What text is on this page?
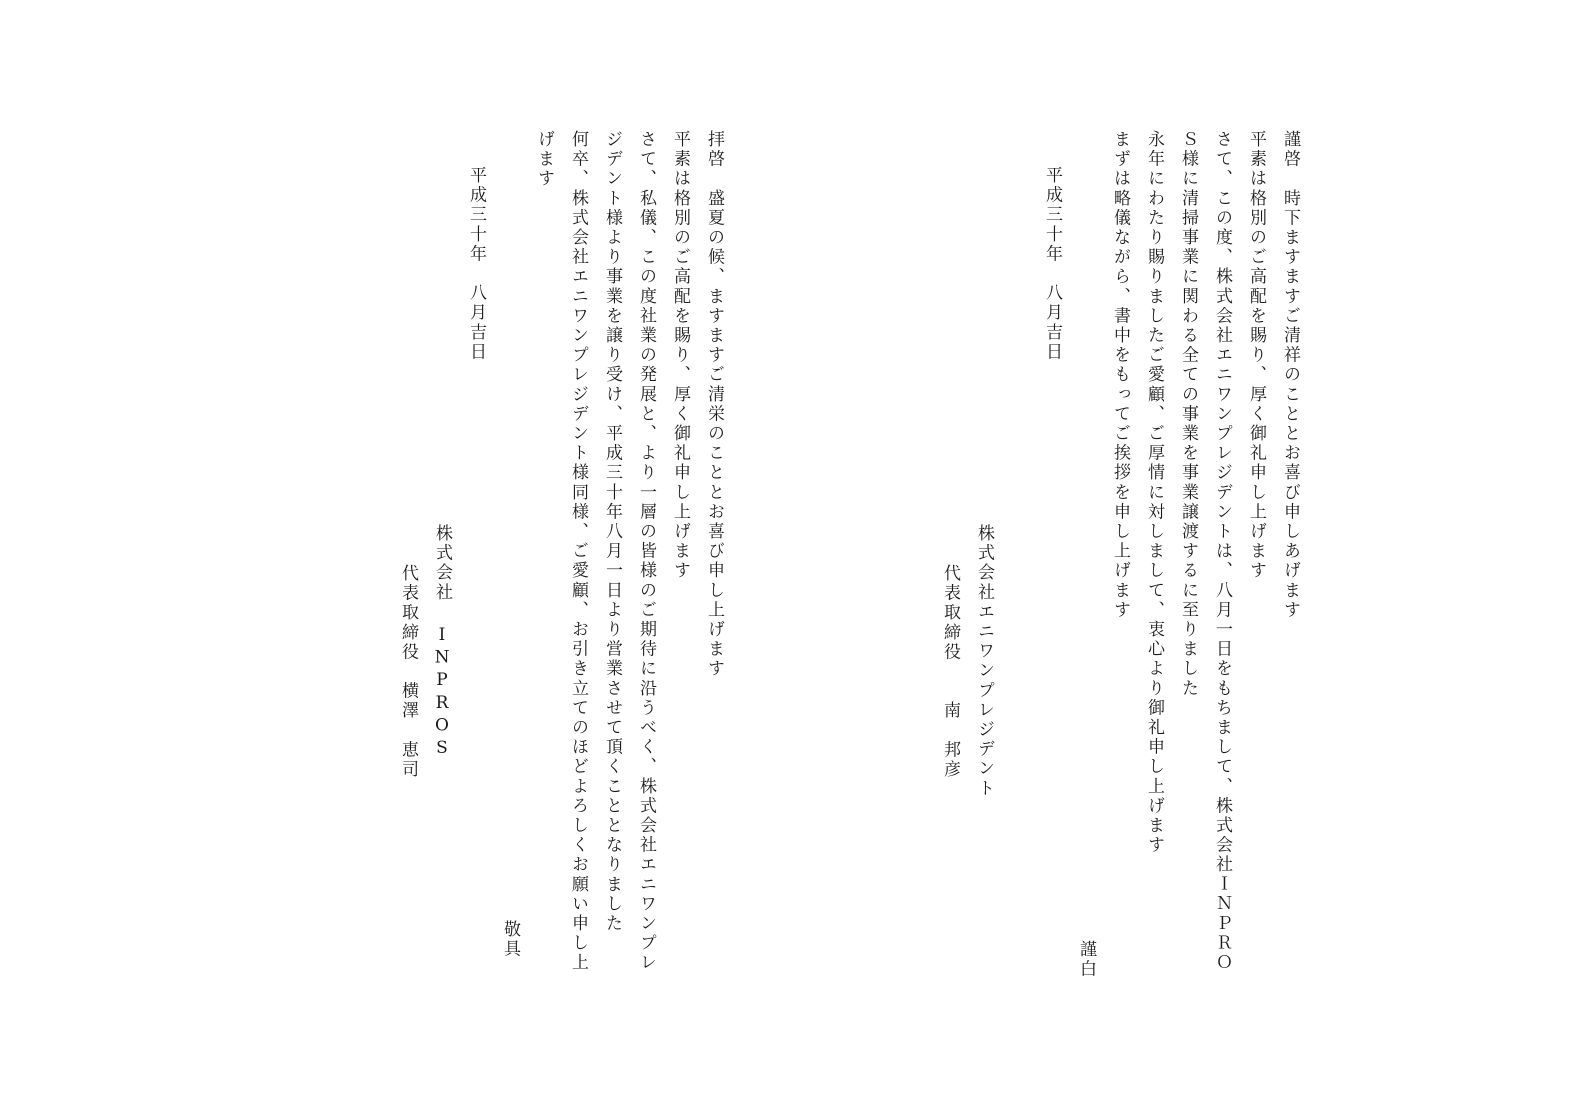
謹啓　時下ますますご清祥のこととお喜び申しあげます
平素は格別のご高配を賜り、厚く御礼申し上げます
さて、この度、株式会社エニワンプレジデントは、八月一日をもちまして、株式会社ＩＮＰＲＯ
Ｓ様に清掃事業に関わる全ての事業を事業譲渡するに至りました
永年にわたり賜りましたご愛顧、ご厚情に対しまして、衷心より御礼申し上げます
まずは略儀ながら、書中をもってご挨拶を申し上げます
平成三十年　八月吉日
株式会社エニワンプレジデント
代表取締役　　南　邦彦
謹白
拝啓　盛夏の候、ますますご清栄のこととお喜び申し上げます
平素は格別のご高配を賜り、厚く御礼申し上げます
さて、私儀、この度社業の発展と、より一層の皆様のご期待に沿うべく、株式会社エニワンプレ
ジデント様より事業を譲り受け、平成三十年八月一日より営業させて頂くこととなりました
何卒、株式会社エニワンプレジデント様同様、ご愛顧、お引き立てのほどよろしくお願い申し上
げます
平成三十年　八月吉日
株式会社 INPROS
代表取締役　横澤　恵司
敬具
